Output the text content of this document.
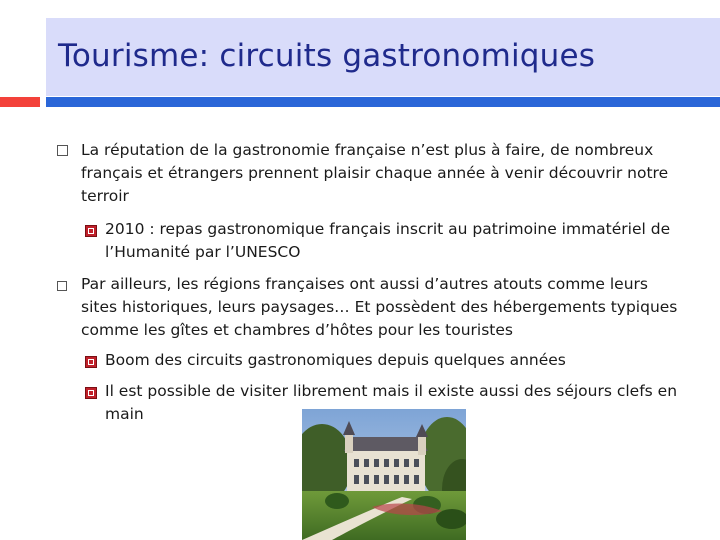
Tourisme: circuits gastronomiques
La réputation de la gastronomie française n’est plus à faire, de nombreux
français et étrangers prennent plaisir chaque année à venir découvrir notre
terroir
2010 : repas gastronomique français inscrit au patrimoine immatériel de
l’Humanité par l’UNESCO
Par ailleurs, les régions françaises ont aussi d’autres atouts comme leurs
sites historiques, leurs paysages… Et possèdent des hébergements typiques
comme les gîtes et chambres d’hôtes pour les touristes
Boom des circuits gastronomiques depuis quelques années
Il est possible de visiter librement mais il existe aussi des séjours clefs en
main
